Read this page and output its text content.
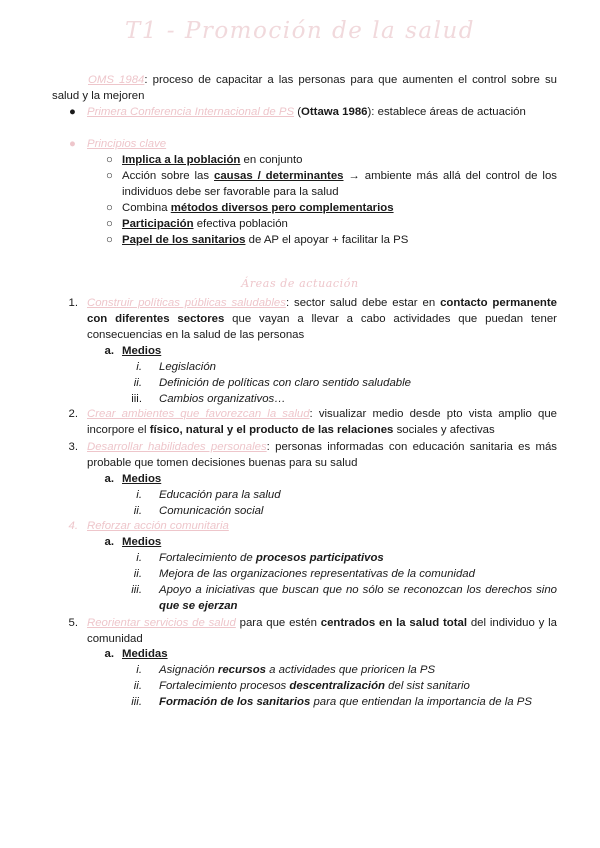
T1 - Promoción de la salud
OMS 1984: proceso de capacitar a las personas para que aumenten el control sobre su salud y la mejoren
● Primera Conferencia Internacional de PS (Ottawa 1986): establece áreas de actuación
● Principios clave
○ Implica a la población en conjunto
○ Acción sobre las causas / determinantes → ambiente más allá del control de los individuos debe ser favorable para la salud
○ Combina métodos diversos pero complementarios
○ Participación efectiva población
○ Papel de los sanitarios de AP el apoyar + facilitar la PS
Áreas de actuación
1. Construir políticas públicas saludables: sector salud debe estar en contacto permanente con diferentes sectores que vayan a llevar a cabo actividades que puedan tener consecuencias en la salud de las personas
a. Medios
i. Legislación
ii. Definición de políticas con claro sentido saludable
iii. Cambios organizativos…
2. Crear ambientes que favorezcan la salud: visualizar medio desde pto vista amplio que incorpore el físico, natural y el producto de las relaciones sociales y afectivas
3. Desarrollar habilidades personales: personas informadas con educación sanitaria es más probable que tomen decisiones buenas para su salud
a. Medios
i. Educación para la salud
ii. Comunicación social
4. Reforzar acción comunitaria
a. Medios
i. Fortalecimiento de procesos participativos
ii. Mejora de las organizaciones representativas de la comunidad
iii. Apoyo a iniciativas que buscan que no sólo se reconozcan los derechos sino que se ejerzan
5. Reorientar servicios de salud para que estén centrados en la salud total del individuo y la comunidad
a. Medidas
i. Asignación recursos a actividades que prioricen la PS
ii. Fortalecimiento procesos descentralización del sist sanitario
iii. Formación de los sanitarios para que entiendan la importancia de la PS
